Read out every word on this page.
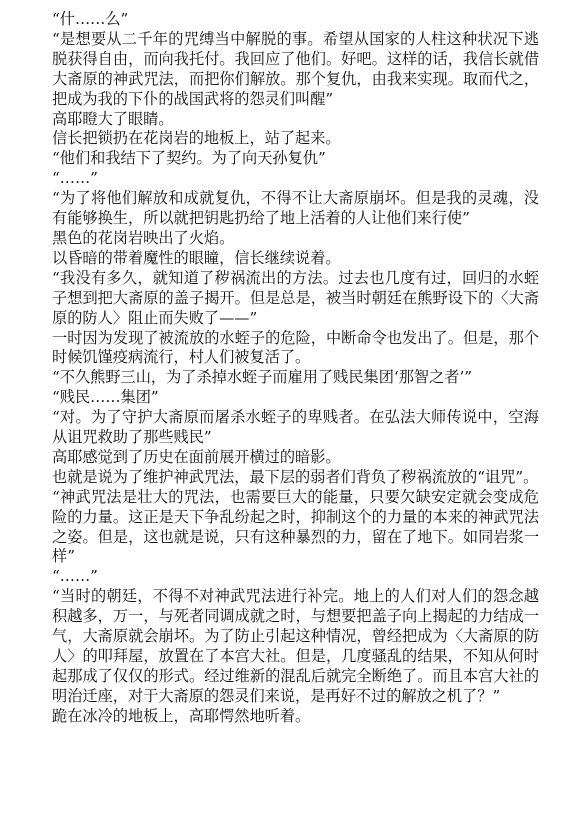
“什……么”

“是想要从二千年的咒缚当中解脱的事。希望从国家的人柱这种状况下逃脱获得自由，而向我托付。我回应了他们。好吧。这样的话，我信长就借大斋原的神武咒法，而把你们解放。那个复仇，由我来实现。取而代之，把成为我的下仆的战国武将的怨灵们叫醒”

高耶瞪大了眼睛。

信长把锁扔在花岗岩的地板上，站了起来。

“他们和我结下了契约。为了向天孙复仇”

“……”

“为了将他们解放和成就复仇，不得不让大斋原崩坏。但是我的灵魂，没有能够换生，所以就把钥匙扔给了地上活着的人让他们来行使”

黑色的花岗岩映出了火焰。

以昏暗的带着魔性的眼瞳，信长继续说着。

“我没有多久，就知道了秽祸流出的方法。过去也几度有过，回归的水蛭子想到把大斋原的盖子揭开。但是总是，被当时朝廷在熊野设下的〈大斋原的防人〉阻止而失败了——”

一时因为发现了被流放的水蛭子的危险，中断命令也发出了。但是，那个时候饥馑疫病流行，村人们被复活了。

“不久熊野三山，为了杀掉水蛭子而雇用了贱民集团‘那智之者’”

“贱民……集团”

“对。为了守护大斋原而屠杀水蛭子的卑贱者。在弘法大师传说中，空海从诅咒救助了那些贱民”

高耶感觉到了历史在面前展开横过的暗影。

也就是说为了维护神武咒法，最下层的弱者们背负了秽祸流放的“诅咒”。

“神武咒法是壮大的咒法，也需要巨大的能量，只要欠缺安定就会变成危险的力量。这正是天下争乱纷起之时，抑制这个的力量的本来的神武咒法之姿。但是，这也就是说，只有这种暴烈的力，留在了地下。如同岩浆一样”

“……”

“当时的朝廷，不得不对神武咒法进行补完。地上的人们对人们的怨念越积越多，万一，与死者同调成就之时，与想要把盖子向上揭起的力结成一气，大斋原就会崩坏。为了防止引起这种情况，曾经把成为〈大斋原的防人〉的叩拜屋，放置在了本宫大社。但是，几度骚乱的结果，不知从何时起那成了仅仅的形式。经过维新的混乱后就完全断绝了。而且本宫大社的明治迁座，对于大斋原的怨灵们来说，是再好不过的解放之机了？”

跪在冰冷的地板上，高耶愕然地听着。
